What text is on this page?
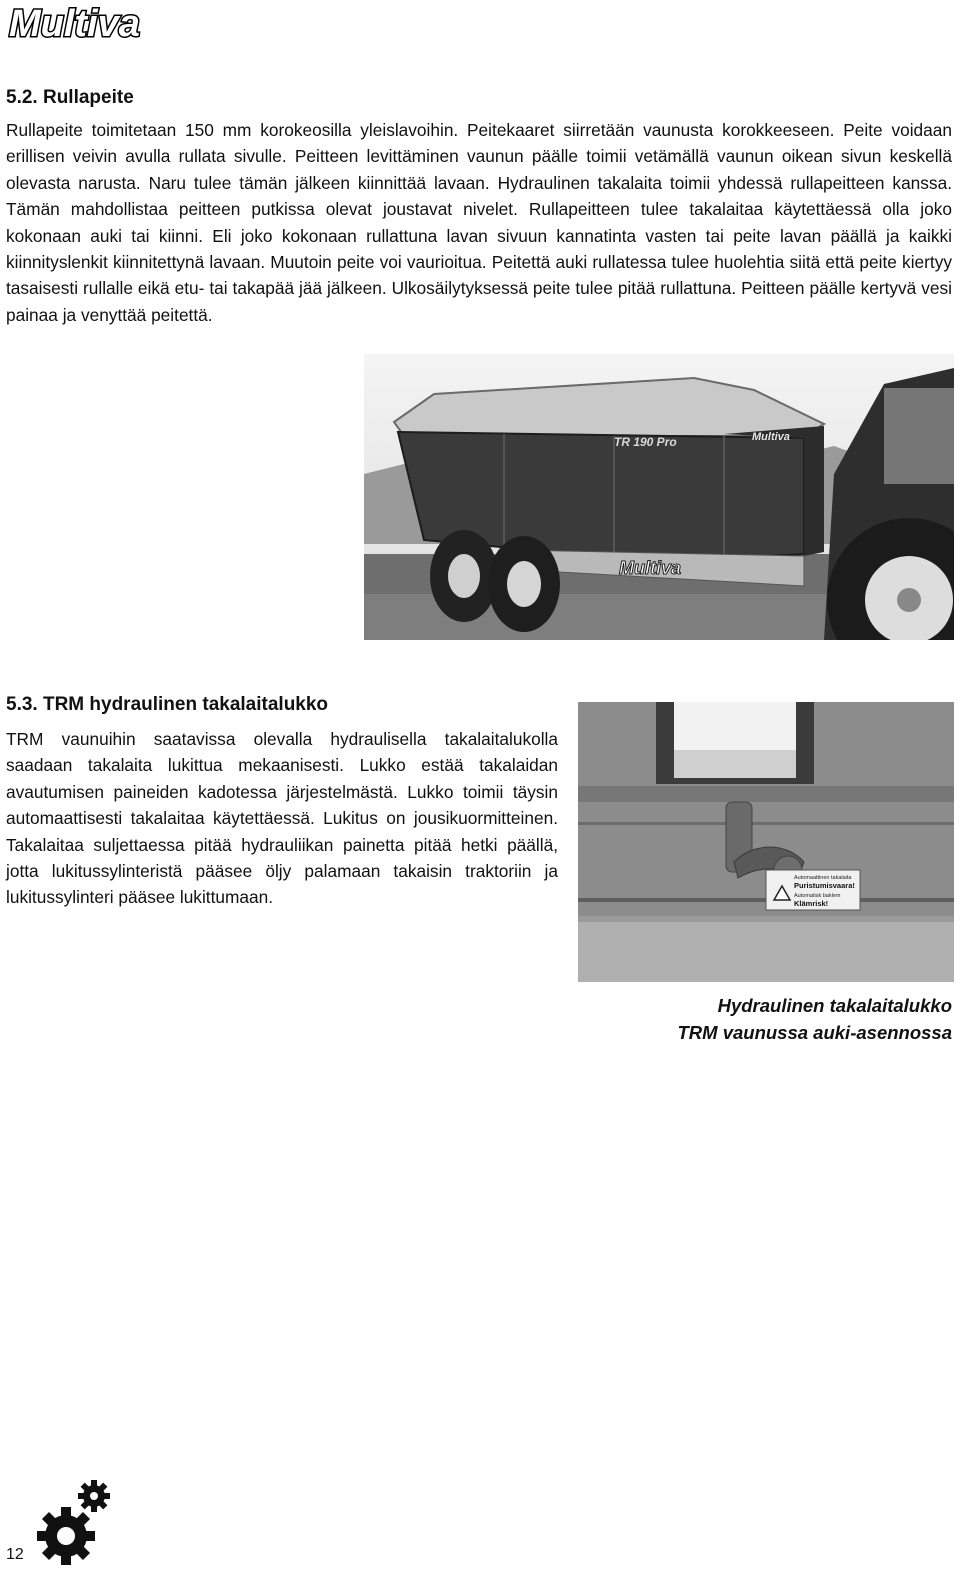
Multiva
5.2. Rullapeite

Rullapeite toimitetaan 150 mm korokeosilla yleislavoihin. Peitekaaret siirretään vaunusta korokkeeseen. Peite voidaan erillisen veivin avulla rullata sivulle. Peitteen levittäminen vaunun päälle toimii vetämällä vaunun oikean sivun keskellä olevasta narusta. Naru tulee tämän jälkeen kiinnittää lavaan. Hydraulinen takalaita toimii yhdessä rullapeitteen kanssa. Tämän mahdollistaa peitteen putkissa olevat joustavat nivelet. Rullapeitteen tulee takalaitaa käytettäessä olla joko kokonaan auki tai kiinni. Eli joko kokonaan rullattuna lavan sivuun kannatinta vasten tai peite lavan päällä ja kaikki kiinnityslenkit kiinnitettynä lavaan. Muutoin peite voi vaurioitua. Peitettä auki rullatessa tulee huolehtia siitä että peite kiertyy tasaisesti rullalle eikä etu- tai takapää jää jälkeen. Ulkosäilytyksessä peite tulee pitää rullattuna. Peitteen päälle kertyvä vesi painaa ja venyttää peitettä.

TR 190 Pro	Multiva
Multiva
5.3. TRM hydraulinen takalaitalukko

TRM vaunuihin saatavissa olevalla hydraulisella takalaitalukolla saadaan takalaita lukittua mekaanisesti. Lukko estää takalaidan avautumisen paineiden kadotessa järjestelmästä. Lukko toimii täysin automaattisesti takalaitaa käytettäessä. Lukitus on jousikuormitteinen. Takalaitaa suljettaessa pitää hydrauliikan painetta pitää hetki päällä, jotta lukitussylinteristä pääsee öljy palamaan takaisin traktoriin ja lukitussylinteri pääsee lukittumaan.

Automaattinen takalaita
Puristumisvaara!
Automatisk baklem
Klämrisk!
Hydraulinen takalaitalukko
TRM vaunussa auki-asennossa
12
